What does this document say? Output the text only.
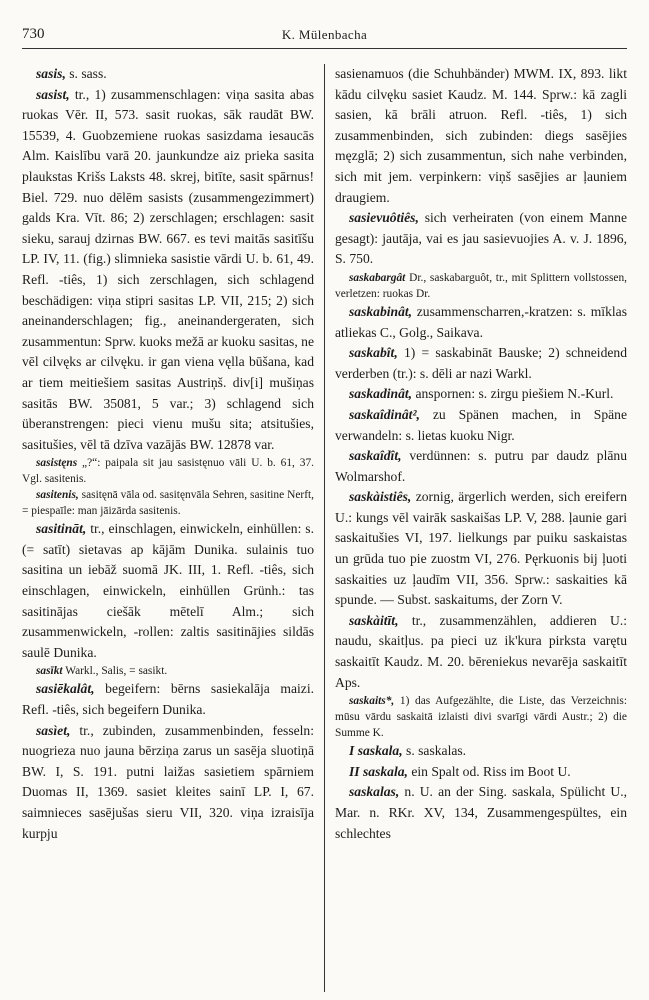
730	K. Mülenbacha

sasis, s. sass.

sasist, tr., 1) zusammenschlagen: viņa sasita abas ruokas Vēr. II, 573. sasit ruokas, sāk raudāt BW. 15539, 4. Guobzemiene ruokas sasizdama iesaucās Alm. Kaislību varā 20. jaunkundze aiz prieka sasita plaukstas Krišs Laksts 48. skrej, bitīte, sasit spārnus! Biel. 729. nuo dēlēm sasists (zusammengezimmert) galds Kra. Vīt. 86; 2) zerschlagen; erschlagen: sasit sieku, sarauj dzirnas BW. 667. es tevi maitās sasitīšu LP. IV, 11. (fig.) slimnieka sasistie vārdi U. b. 61, 49. Refl. -tiês, 1) sich zerschlagen, sich schlagend beschädigen: viņa stipri sasitas LP. VII, 215; 2) sich aneinanderschlagen; fig., aneinandergeraten, sich zusammentun: Sprw. kuoks mežā ar kuoku sasitas, ne vēl cilvęks ar cilvęku. ir gan viena vęlla būšana, kad ar tiem meitiešiem sasitas Austriņš. div[i] mušiņas sasitās BW. 35081, 5 var.; 3) schlagend sich überanstrengen: pieci vienu mušu sita; atsitušies, sasitušies, vēl tā dzīva vazājās BW. 12878 var.

sasistęns „?“: paipala sit jau sasistęnuo vāli U. b. 61, 37. Vgl. sasitenis.

sasitenis, sasitęnā vāla od. sasitęnvāla Sehren, sasitine Nerft, = piespaīle: man jāizārda sasitenis.

sasitināt, tr., einschlagen, einwickeln, einhüllen: s. (= satīt) sietavas ap kājām Dunika. sulainis tuo sasitina un iebāž suomā JK. III, 1. Refl. -tiês, sich einschlagen, einwickeln, einhüllen Grünh.: tas sasitinājas ciešāk mētelī Alm.; sich zusammenwickeln, -rollen: zaltis sasitinājies sildās saulē Dunika.

sasīkt Warkl., Salis, = sasikt.

sasiēkalât, begeifern: bērns sasiekalāja maizi. Refl. -tiês, sich begeifern Dunika.

sasìet, tr., zubinden, zusammenbinden, fesseln: nuogrieza nuo jauna bērziņa zarus un sasēja sluotiņā BW. I, S. 191. putni laižas sasietiem spārniem Duomas II, 1369. sasiet kleites sainī LP. I, 67. saimnieces sasējušas sieru VII, 320. viņa izraisīja kurpju

sasienamuos (die Schuhbänder) MWM. IX, 893. likt kādu cilvęku sasiet Kaudz. M. 144. Sprw.: kā zagli sasien, kā brāli atruon. Refl. -tiês, 1) sich zusammenbinden, sich zubinden: diegs sasējies męzglā; 2) sich zusammentun, sich nahe verbinden, sich mit jem. verpinkern: viņš sasējies ar ļauniem draugiem.

sasievuôtiês, sich verheiraten (von einem Manne gesagt): jautāja, vai es jau sasievuojies A. v. J. 1896, S. 750.

saskabargât Dr., saskabarguôt, tr., mit Splittern vollstossen, verletzen: ruokas Dr.

saskabinât, zusammenscharren,-kratzen: s. mīklas atliekas C., Golg., Saikava.

saskabît, 1) = saskabināt Bauske; 2) schneidend verderben (tr.): s. dēli ar nazi Warkl.

saskadinât, anspornen: s. zirgu piešiem N.-Kurl.

saskaîdinât², zu Spänen machen, in Späne verwandeln: s. lietas kuoku Nigr.

saskaîdît, verdünnen: s. putru par daudz plānu Wolmarshof.

saskàistiês, zornig, ärgerlich werden, sich ereifern U.: kungs vēl vairāk saskaišas LP. V, 288. ļaunie gari saskaitušies VI, 197. lielkungs par puiku saskaistas un grūda tuo pie zuostm VI, 276. Pęrkuonis bij ļuoti saskaities uz ļaudīm VII, 356. Sprw.: saskaities kā spunde. — Subst. saskaitums, der Zorn V.

saskàitīt, tr., zusammenzählen, addieren U.: naudu, skaitļus. pa pieci uz ik'kura pirksta varętu saskaitīt Kaudz. M. 20. bēreniekus nevarēja saskaitīt Aps.

saskaits*, 1) das Aufgezählte, die Liste, das Verzeichnis: mūsu vārdu saskaitā izlaisti divi svarīgi vārdi Austr.; 2) die Summe K.

I saskala, s. saskalas.

II saskala, ein Spalt od. Riss im Boot U.

saskalas, n. U. an der Sing. saskala, Spülicht U., Mar. n. RKr. XV, 134, Zusammengespültes, ein schlechtes
